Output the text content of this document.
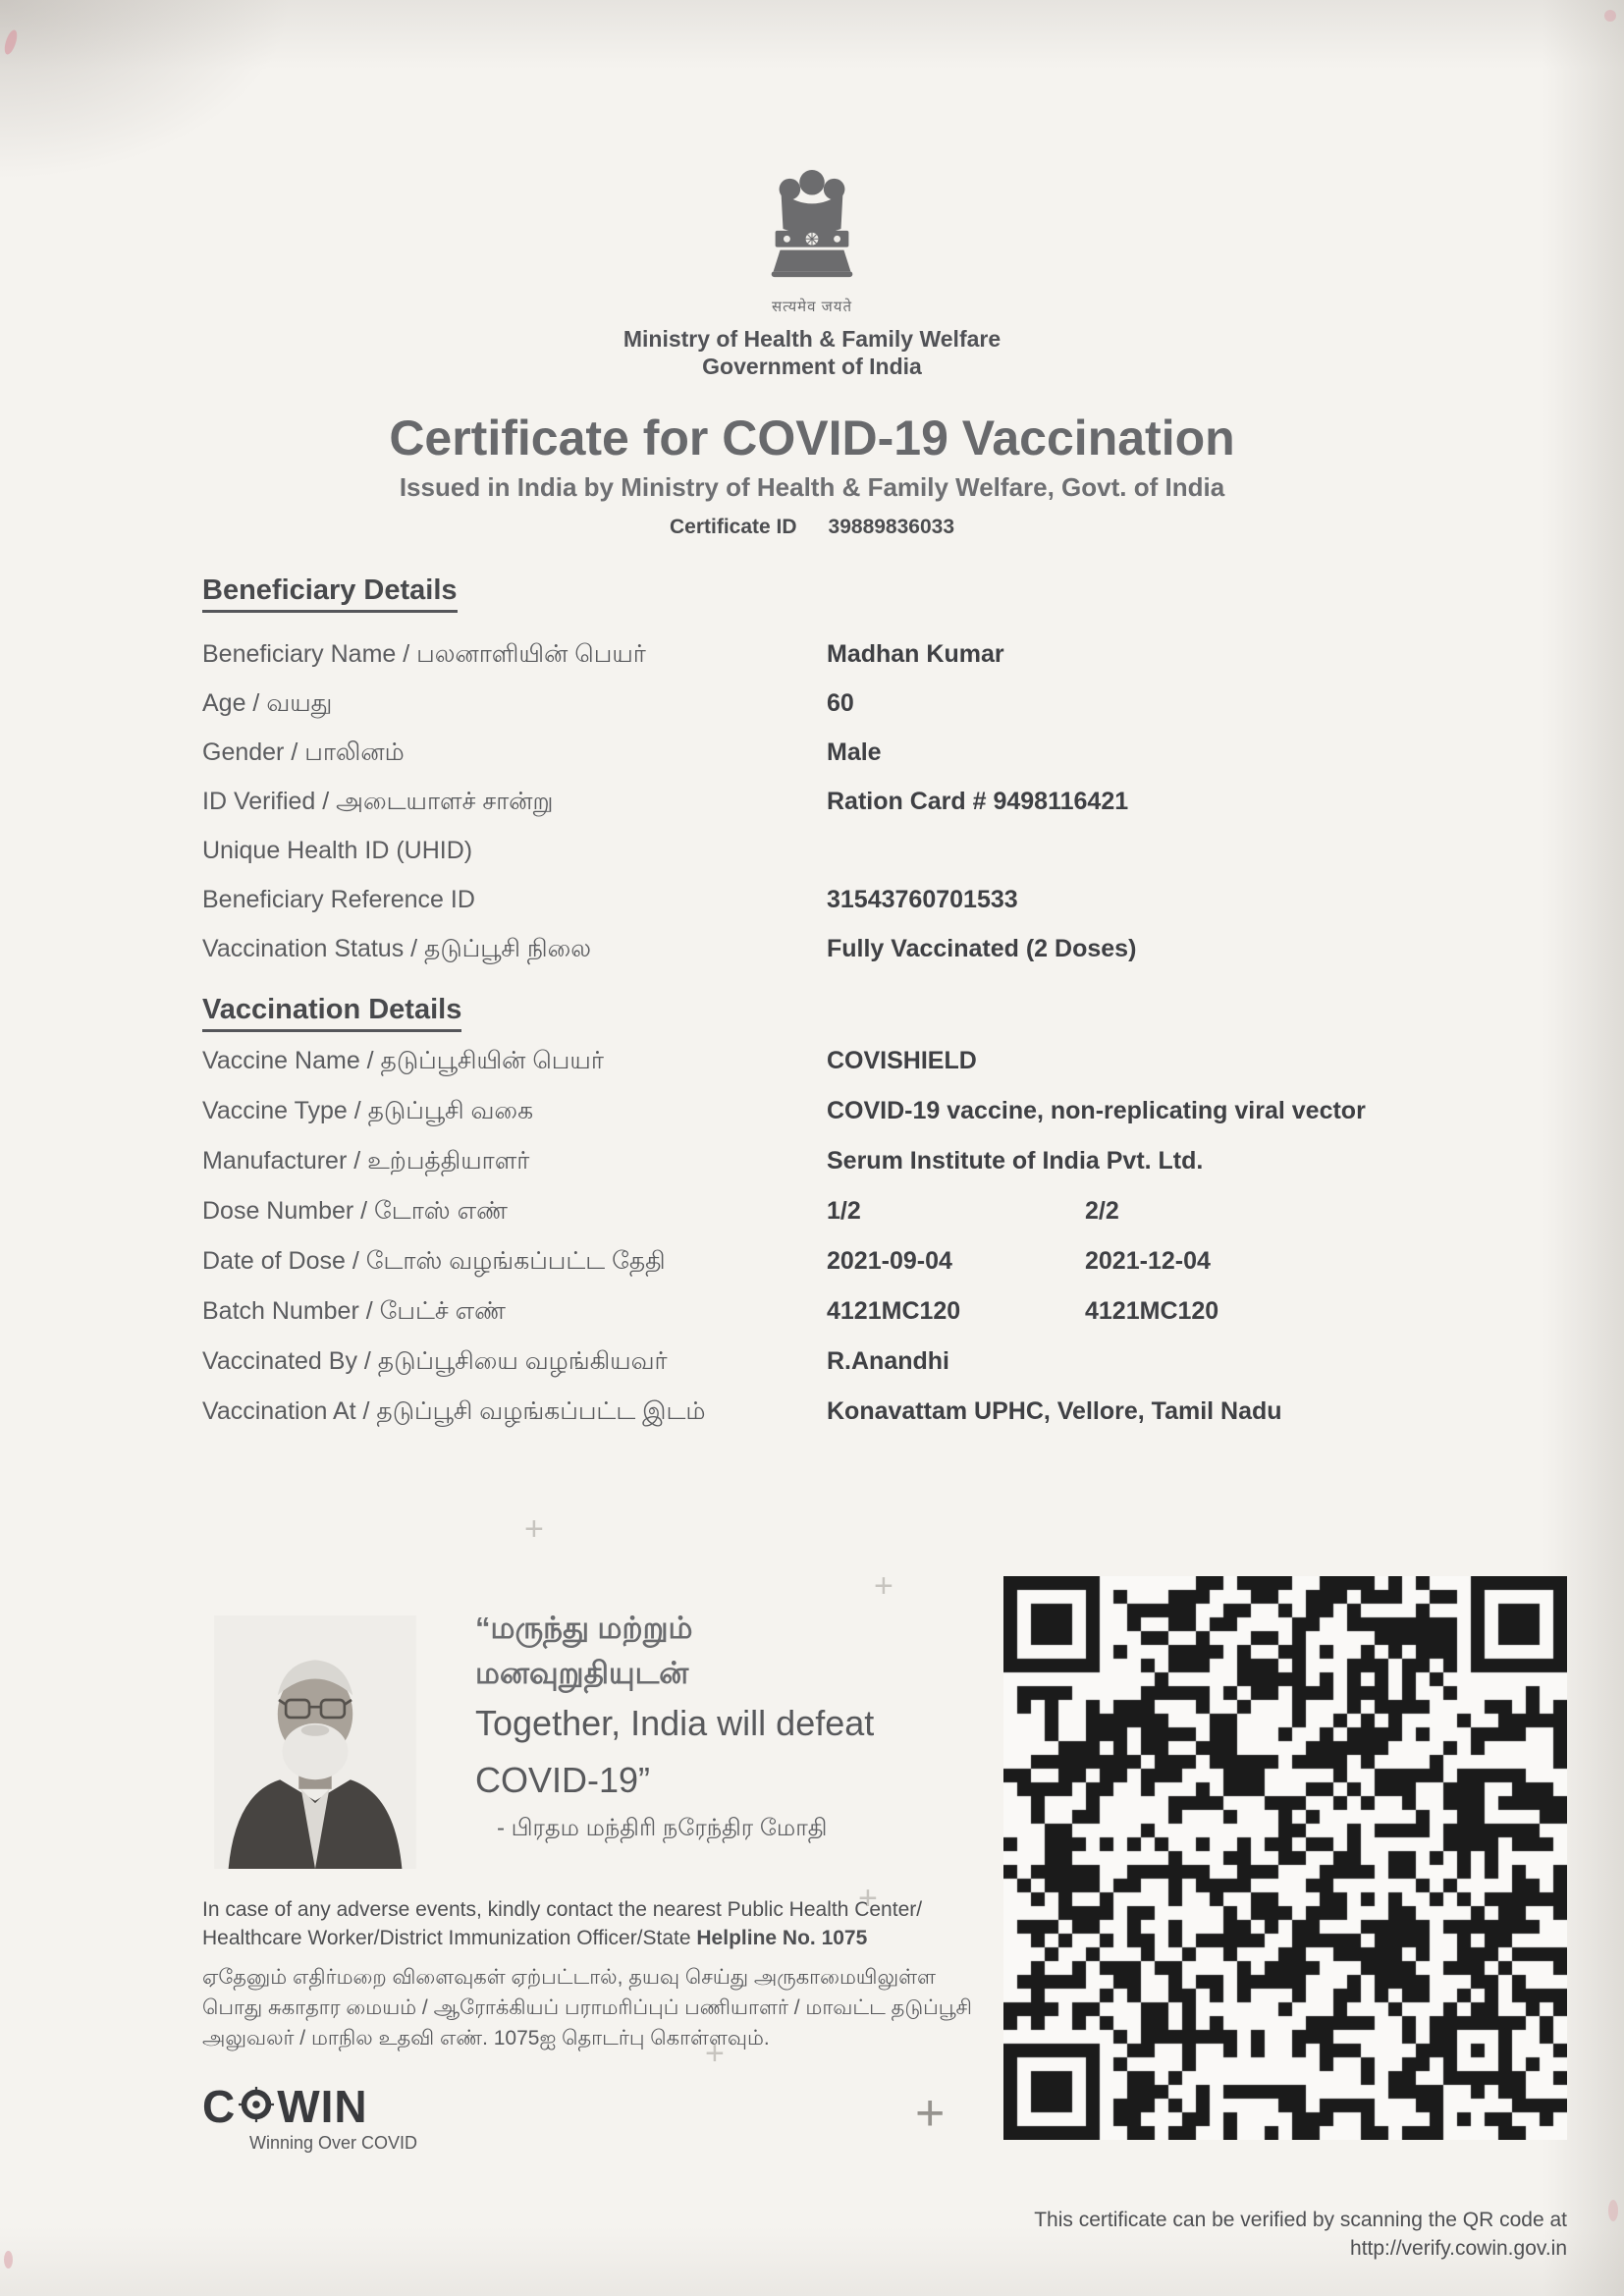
सत्यमेव जयते
Ministry of Health & Family Welfare
Government of India
Certificate for COVID-19 Vaccination
Issued in India by Ministry of Health & Family Welfare, Govt. of India
Certificate ID 39889836033
Beneficiary Details
Beneficiary Name / பலனாளியின் பெயர்	Madhan Kumar
Age / வயது	60
Gender / பாலினம்	Male
ID Verified / அடையாளச் சான்று	Ration Card # 9498116421
Unique Health ID (UHID)
Beneficiary Reference ID	31543760701533
Vaccination Status / தடுப்பூசி நிலை	Fully Vaccinated (2 Doses)
Vaccination Details
Vaccine Name / தடுப்பூசியின் பெயர்	COVISHIELD
Vaccine Type / தடுப்பூசி வகை	COVID-19 vaccine, non-replicating viral vector
Manufacturer / உற்பத்தியாளர்	Serum Institute of India Pvt. Ltd.
Dose Number / டோஸ் எண்	1/2	2/2
Date of Dose / டோஸ் வழங்கப்பட்ட தேதி	2021-09-04	2021-12-04
Batch Number / பேட்ச் எண்	4121MC120	4121MC120
Vaccinated By / தடுப்பூசியை வழங்கியவர்	R.Anandhi
Vaccination At / தடுப்பூசி வழங்கப்பட்ட இடம்	Konavattam UPHC, Vellore, Tamil Nadu
“மருந்து மற்றும்
மனவுறுதியுடன்
Together, India will defeat
COVID-19”
- பிரதம மந்திரி நரேந்திர மோதி
In case of any adverse events, kindly contact the nearest Public Health Center/
Healthcare Worker/District Immunization Officer/State Helpline No. 1075
ஏதேனும் எதிர்மறை விளைவுகள் ஏற்பட்டால், தயவு செய்து அருகாமையிலுள்ள பொது சுகாதார மையம் / ஆரோக்கியப் பராமரிப்புப் பணியாளர் / மாவட்ட தடுப்பூசி அலுவலர் / மாநில உதவி எண். 1075ஐ தொடர்பு கொள்ளவும்.
C WIN
Winning Over COVID
This certificate can be verified by scanning the QR code at
http://verify.cowin.gov.in
+
+
+
+
+
